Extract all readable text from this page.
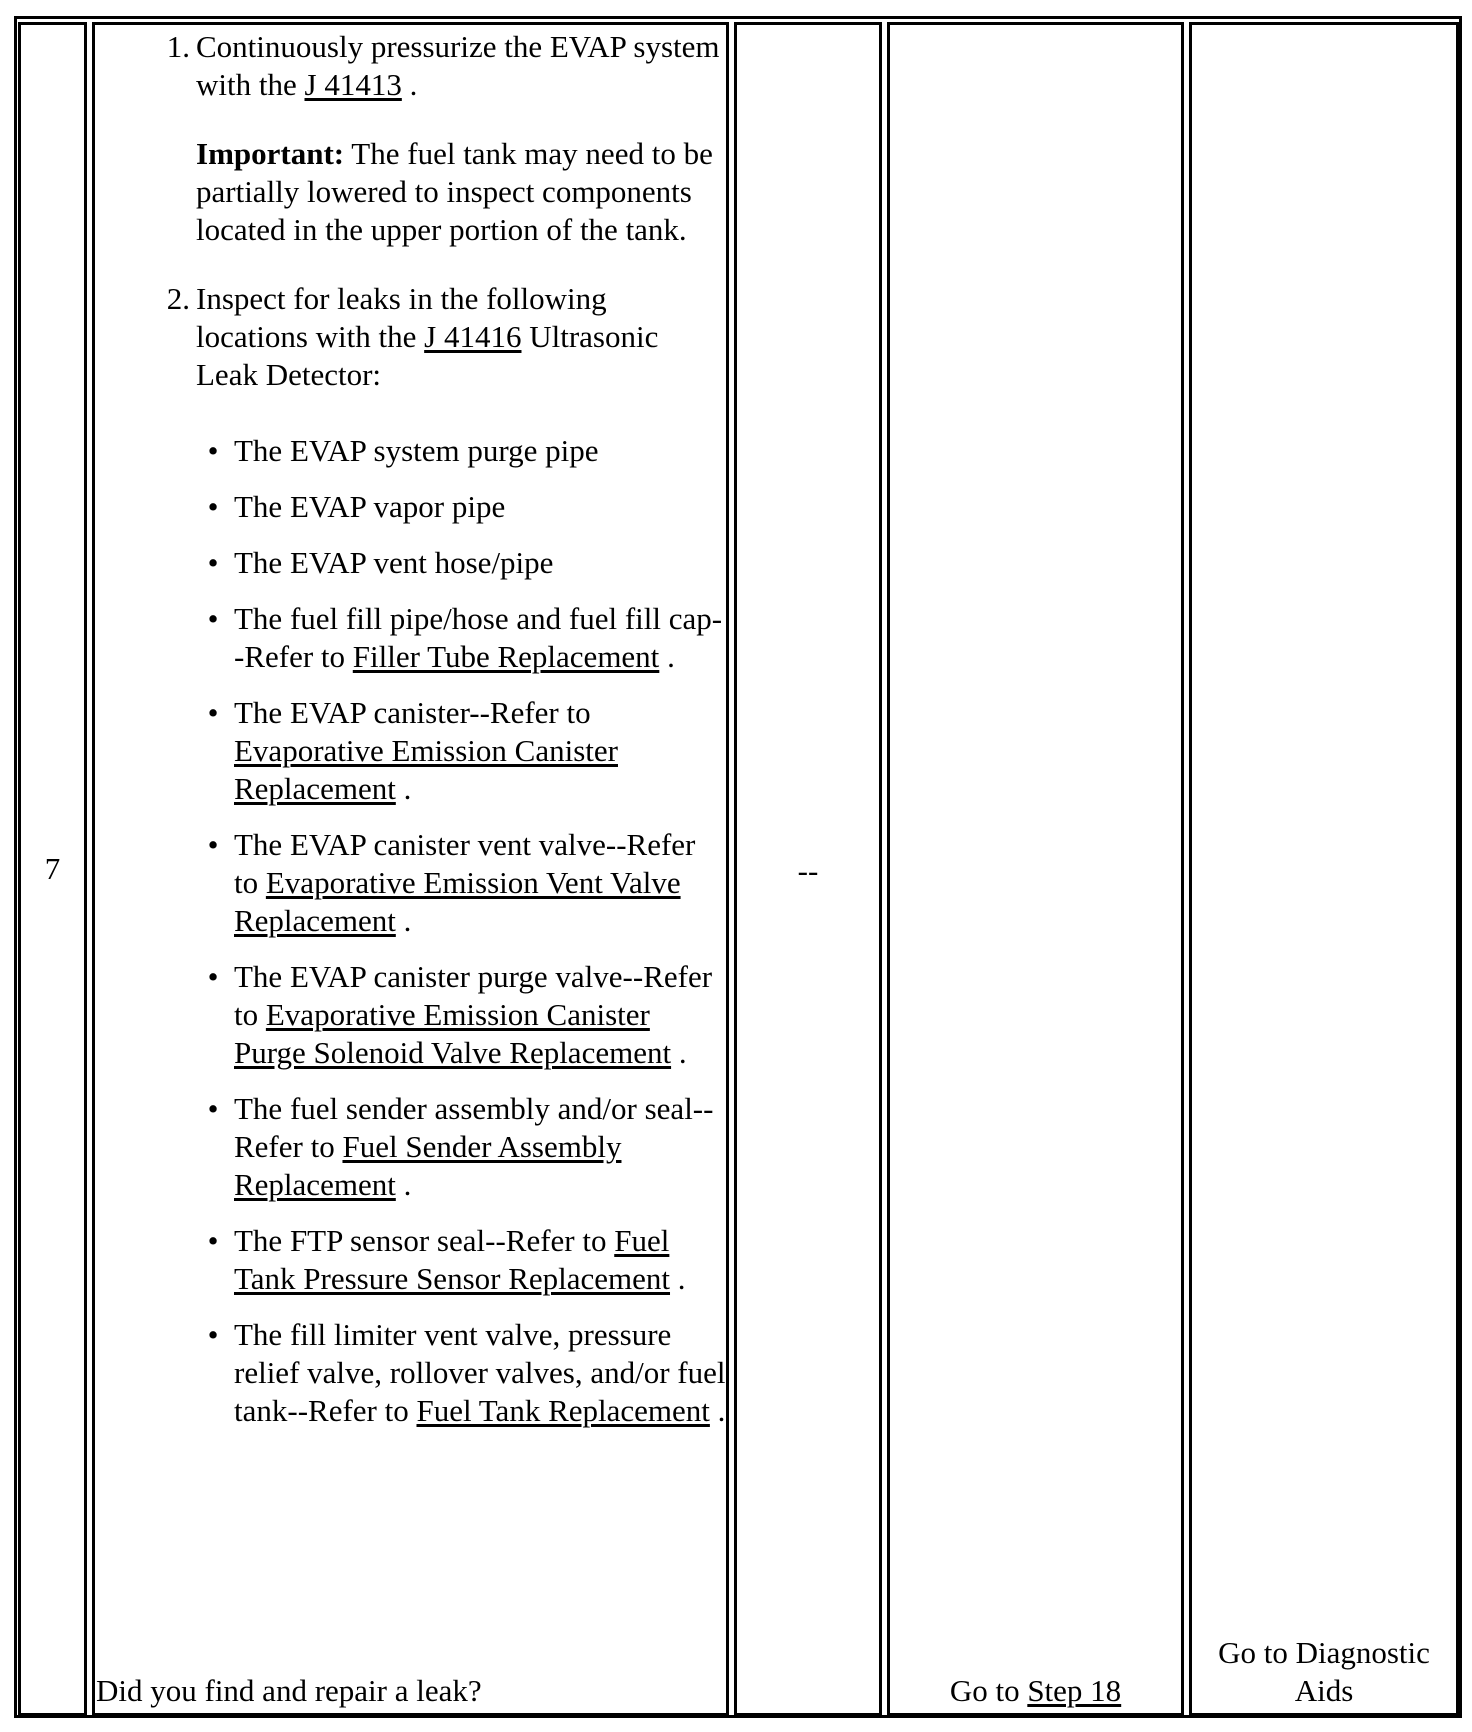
7	--
1. Continuously pressurize the EVAP system with the J 41413 .

Important: The fuel tank may need to be partially lowered to inspect components located in the upper portion of the tank.

2. Inspect for leaks in the following locations with the J 41416 Ultrasonic Leak Detector:

• The EVAP system purge pipe
• The EVAP vapor pipe
• The EVAP vent hose/pipe
• The fuel fill pipe/hose and fuel fill cap--Refer to Filler Tube Replacement .
• The EVAP canister--Refer to Evaporative Emission Canister Replacement .
• The EVAP canister vent valve--Refer to Evaporative Emission Vent Valve Replacement .
• The EVAP canister purge valve--Refer to Evaporative Emission Canister Purge Solenoid Valve Replacement .
• The fuel sender assembly and/or seal--Refer to Fuel Sender Assembly Replacement .
• The FTP sensor seal--Refer to Fuel Tank Pressure Sensor Replacement .
• The fill limiter vent valve, pressure relief valve, rollover valves, and/or fuel tank--Refer to Fuel Tank Replacement .
Did you find and repair a leak?	Go to Step 18
Go to Diagnostic Aids
